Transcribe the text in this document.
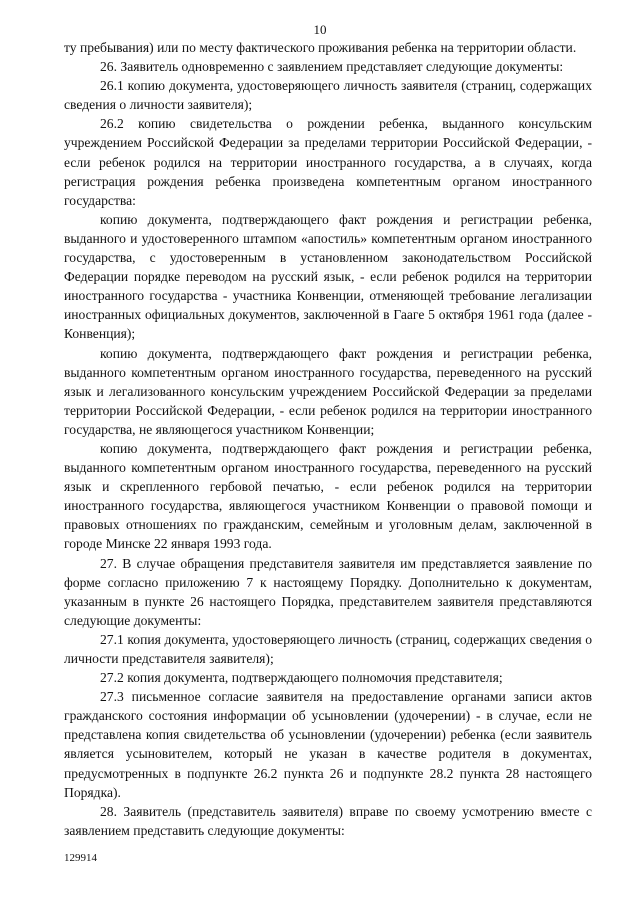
10

ту пребывания) или по месту фактического проживания ребенка на территории области.

26. Заявитель одновременно с заявлением представляет следующие документы:

26.1 копию документа, удостоверяющего личность заявителя (страниц, содержащих сведения о личности заявителя);

26.2 копию свидетельства о рождении ребенка, выданного консульским учреждением Российской Федерации за пределами территории Российской Федерации, - если ребенок родился на территории иностранного государства, а в случаях, когда регистрация рождения ребенка произведена компетентным органом иностранного государства:

копию документа, подтверждающего факт рождения и регистрации ребенка, выданного и удостоверенного штампом «апостиль» компетентным органом иностранного государства, с удостоверенным в установленном законодательством Российской Федерации порядке переводом на русский язык, - если ребенок родился на территории иностранного государства - участника Конвенции, отменяющей требование легализации иностранных официальных документов, заключенной в Гааге 5 октября 1961 года (далее - Конвенция);

копию документа, подтверждающего факт рождения и регистрации ребенка, выданного компетентным органом иностранного государства, переведенного на русский язык и легализованного консульским учреждением Российской Федерации за пределами территории Российской Федерации, - если ребенок родился на территории иностранного государства, не являющегося участником Конвенции;

копию документа, подтверждающего факт рождения и регистрации ребенка, выданного компетентным органом иностранного государства, переведенного на русский язык и скрепленного гербовой печатью, - если ребенок родился на территории иностранного государства, являющегося участником Конвенции о правовой помощи и правовых отношениях по гражданским, семейным и уголовным делам, заключенной в городе Минске 22 января 1993 года.

27. В случае обращения представителя заявителя им представляется заявление по форме согласно приложению 7 к настоящему Порядку. Дополнительно к документам, указанным в пункте 26 настоящего Порядка, представителем заявителя представляются следующие документы:

27.1 копия документа, удостоверяющего личность (страниц, содержащих сведения о личности представителя заявителя);

27.2 копия документа, подтверждающего полномочия представителя;

27.3 письменное согласие заявителя на предоставление органами записи актов гражданского состояния информации об усыновлении (удочерении) - в случае, если не представлена копия свидетельства об усыновлении (удочерении) ребенка (если заявитель является усыновителем, который не указан в качестве родителя в документах, предусмотренных в подпункте 26.2 пункта 26 и подпункте 28.2 пункта 28 настоящего Порядка).

28. Заявитель (представитель заявителя) вправе по своему усмотрению вместе с заявлением представить следующие документы:

129914
